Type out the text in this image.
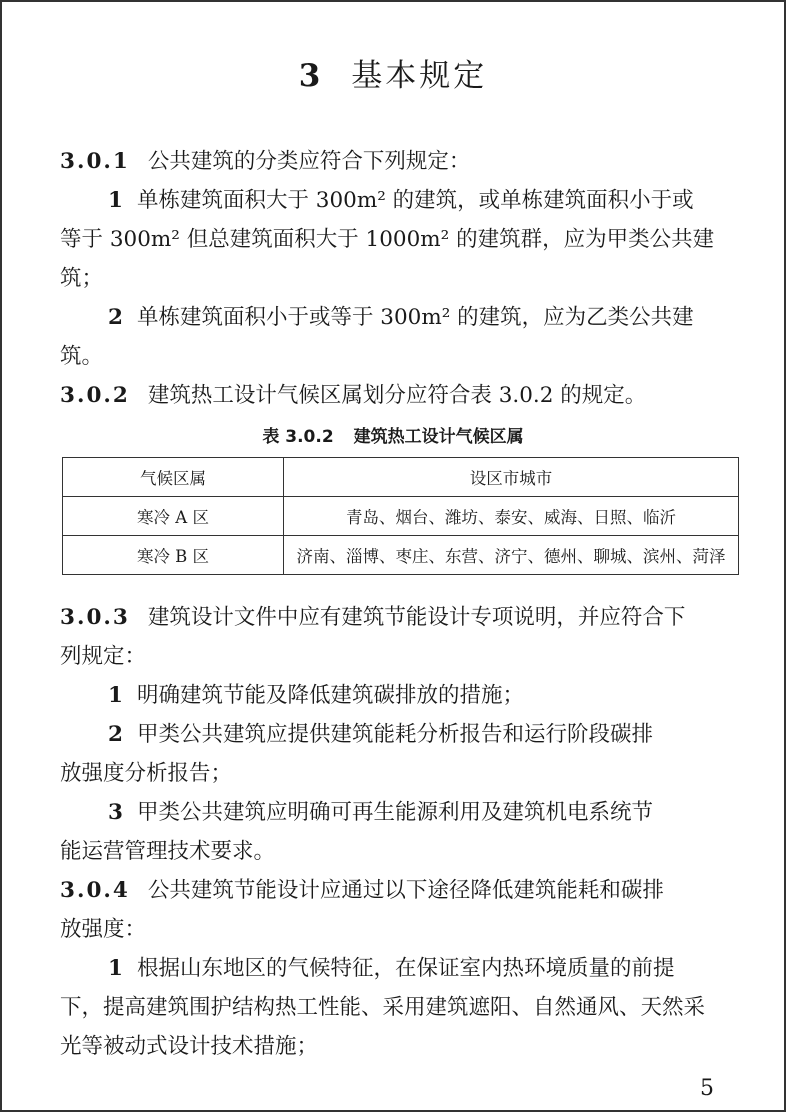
3 基本规定
3.0.1 公共建筑的分类应符合下列规定：
1 单栋建筑面积大于 300m² 的建筑，或单栋建筑面积小于或
等于 300m² 但总建筑面积大于 1000m² 的建筑群，应为甲类公共建
筑；
2 单栋建筑面积小于或等于 300m² 的建筑，应为乙类公共建
筑。
3.0.2 建筑热工设计气候区属划分应符合表 3.0.2 的规定。
表 3.0.2 建筑热工设计气候区属
气候区属	设区市城市
寒冷 A 区	青岛、烟台、潍坊、泰安、威海、日照、临沂
寒冷 B 区	济南、淄博、枣庄、东营、济宁、德州、聊城、滨州、菏泽
3.0.3 建筑设计文件中应有建筑节能设计专项说明，并应符合下
列规定：
1 明确建筑节能及降低建筑碳排放的措施；
2 甲类公共建筑应提供建筑能耗分析报告和运行阶段碳排
放强度分析报告；
3 甲类公共建筑应明确可再生能源利用及建筑机电系统节
能运营管理技术要求。
3.0.4 公共建筑节能设计应通过以下途径降低建筑能耗和碳排
放强度：
1 根据山东地区的气候特征，在保证室内热环境质量的前提
下，提高建筑围护结构热工性能、采用建筑遮阳、自然通风、天然采
光等被动式设计技术措施；
5
